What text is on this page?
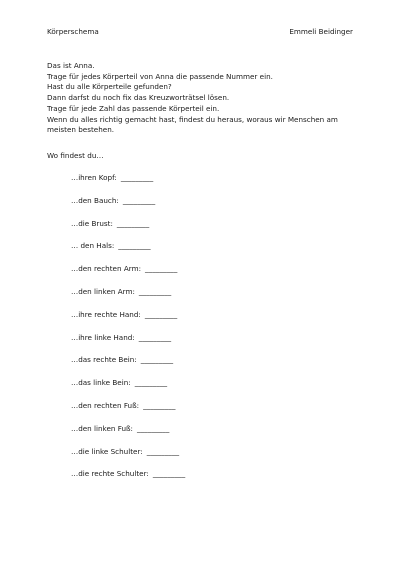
Körperschema	Emmeli Beidinger
Das ist Anna.
Trage für jedes Körperteil von Anna die passende Nummer ein.
Hast du alle Körperteile gefunden?
Dann darfst du noch fix das Kreuzworträtsel lösen.
Trage für jede Zahl das passende Körperteil ein.
Wenn du alles richtig gemacht hast, findest du heraus, woraus wir Menschen am
meisten bestehen.
Wo findest du…
…ihren Kopf: _________
…den Bauch: _________
…die Brust: _________
… den Hals: _________
…den rechten Arm: _________
…den linken Arm: _________
…ihre rechte Hand: _________
…ihre linke Hand: _________
…das rechte Bein: _________
…das linke Bein: _________
…den rechten Fuß: _________
…den linken Fuß: _________
…die linke Schulter: _________
…die rechte Schulter: _________
